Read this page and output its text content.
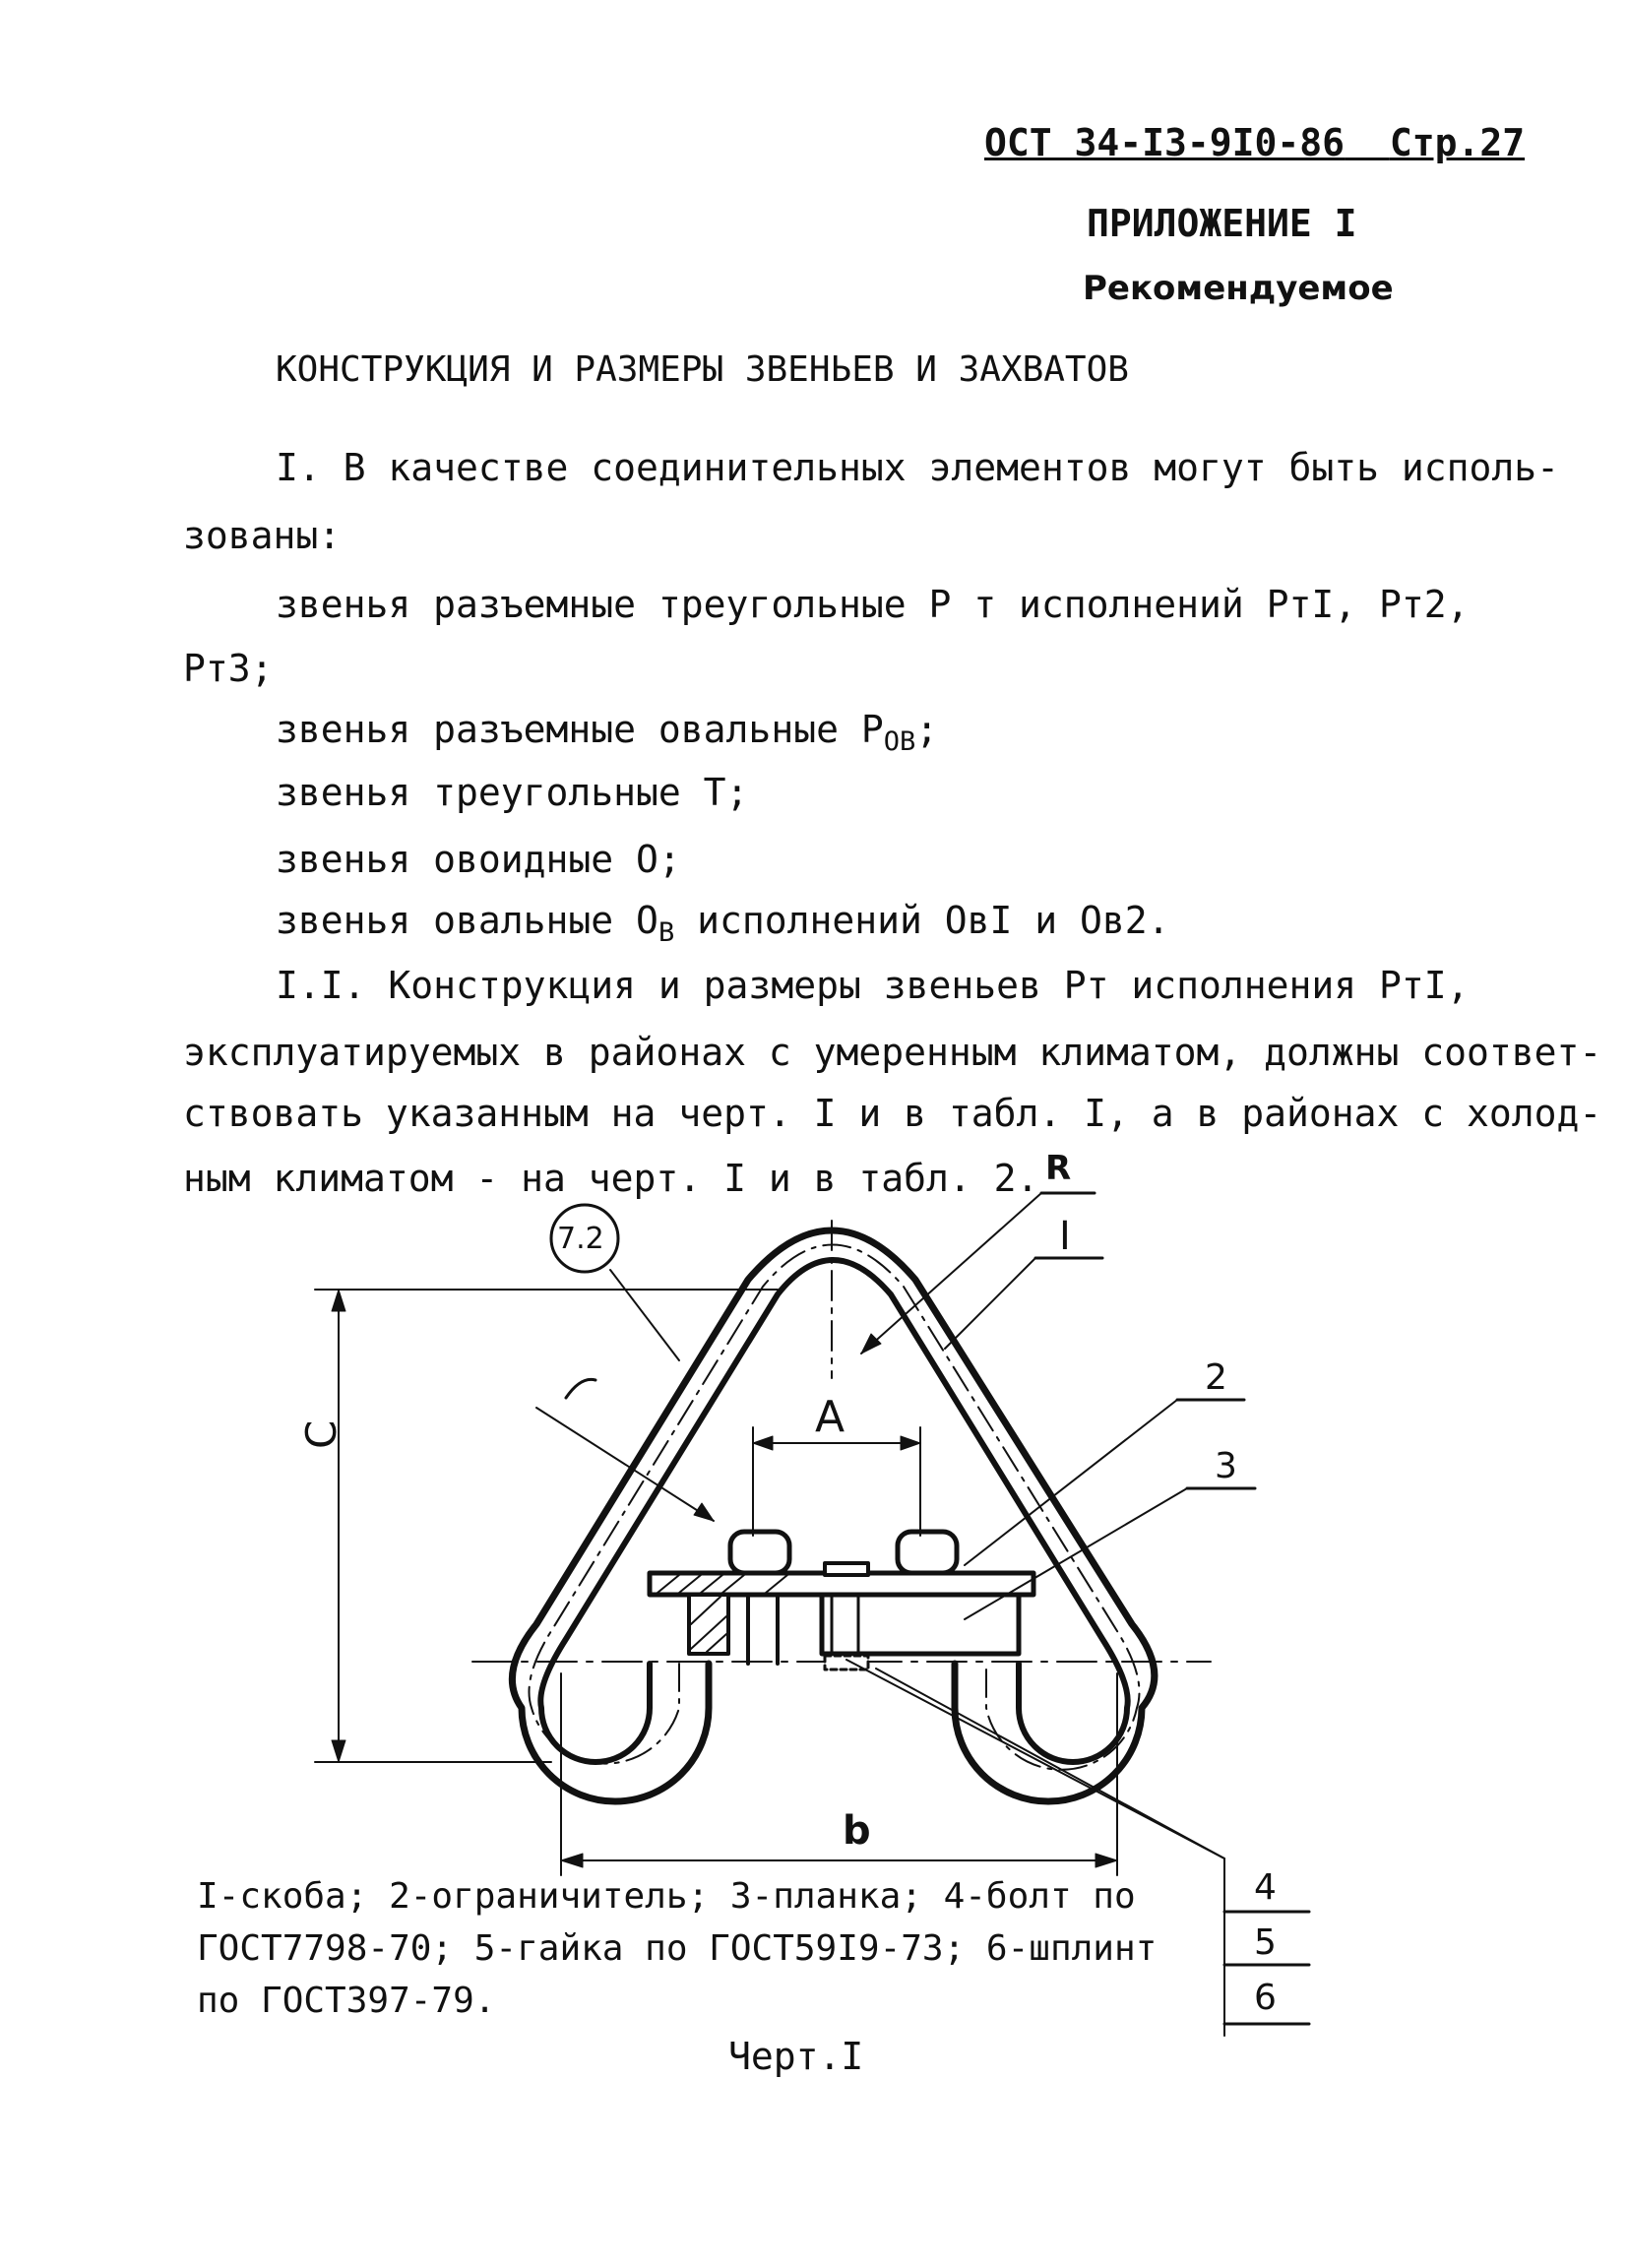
ОСТ 34-I3-9I0-86 Стр.27
ПРИЛОЖЕНИЕ I
Рекомендуемое
КОНСТРУКЦИЯ И РАЗМЕРЫ ЗВЕНЬЕВ И ЗАХВАТОВ
I. В качестве соединительных элементов могут быть исполь-
зованы:
звенья разъемные треугольные Р т исполнений РтI, Рт2,
Рт3;
звенья разъемные овальные $Р_{ОВ}$;
звенья треугольные Т;
звенья овоидные О;
звенья овальные $О_В$ исполнений ОвI и Ов2.
I.I. Конструкция и размеры звеньев Рт исполнения РтI,
эксплуатируемых в районах с умеренным климатом, должны соответ-
ствовать указанным на черт. I и в табл. I, а в районах с холод-
ным климатом - на черт. I и в табл. 2. R
I
2
3
4
5
6
A
C
b
7.2
I-скоба; 2-ограничитель; 3-планка; 4-болт по
ГОСТ7798-70; 5-гайка по ГОСТ59I9-73; 6-шплинт
по ГОСТ397-79.
Черт.I
